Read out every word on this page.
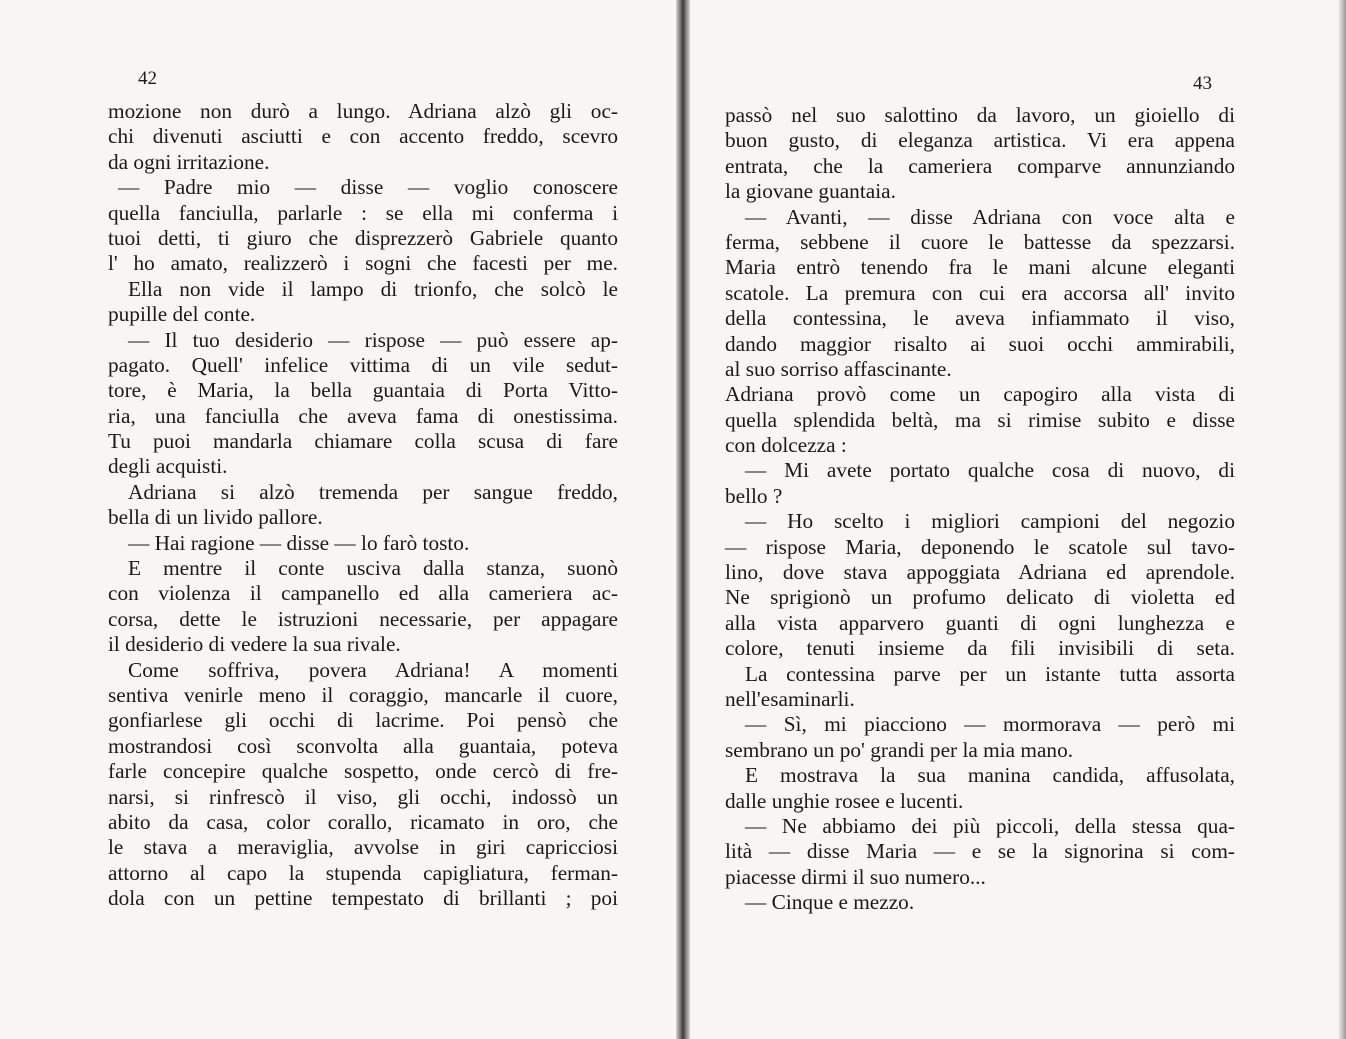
42
mozione non durò a lungo. Adriana alzò gli oc-
chi divenuti asciutti e con accento freddo, scevro
da ogni irritazione.
— Padre mio — disse — voglio conoscere
quella fanciulla, parlarle : se ella mi conferma i
tuoi detti, ti giuro che disprezzerò Gabriele quanto
l' ho amato, realizzerò i sogni che facesti per me.
Ella non vide il lampo di trionfo, che solcò le
pupille del conte.
— Il tuo desiderio — rispose — può essere ap-
pagato. Quell' infelice vittima di un vile sedut-
tore, è Maria, la bella guantaia di Porta Vitto-
ria, una fanciulla che aveva fama di onestissima.
Tu puoi mandarla chiamare colla scusa di fare
degli acquisti.
Adriana si alzò tremenda per sangue freddo,
bella di un livido pallore.
— Hai ragione — disse — lo farò tosto.
E mentre il conte usciva dalla stanza, suonò
con violenza il campanello ed alla cameriera ac-
corsa, dette le istruzioni necessarie, per appagare
il desiderio di vedere la sua rivale.
Come soffriva, povera Adriana! A momenti
sentiva venirle meno il coraggio, mancarle il cuore,
gonfiarlese gli occhi di lacrime. Poi pensò che
mostrandosi così sconvolta alla guantaia, poteva
farle concepire qualche sospetto, onde cercò di fre-
narsi, si rinfrescò il viso, gli occhi, indossò un
abito da casa, color corallo, ricamato in oro, che
le stava a meraviglia, avvolse in giri capricciosi
attorno al capo la stupenda capigliatura, ferman-
dola con un pettine tempestato di brillanti ; poi
43
passò nel suo salottino da lavoro, un gioiello di
buon gusto, di eleganza artistica. Vi era appena
entrata, che la cameriera comparve annunziando
la giovane guantaia.
— Avanti, — disse Adriana con voce alta e
ferma, sebbene il cuore le battesse da spezzarsi.
Maria entrò tenendo fra le mani alcune eleganti
scatole. La premura con cui era accorsa all' invito
della contessina, le aveva infiammato il viso,
dando maggior risalto ai suoi occhi ammirabili,
al suo sorriso affascinante.
Adriana provò come un capogiro alla vista di
quella splendida beltà, ma si rimise subito e disse
con dolcezza :
— Mi avete portato qualche cosa di nuovo, di
bello ?
— Ho scelto i migliori campioni del negozio
— rispose Maria, deponendo le scatole sul tavo-
lino, dove stava appoggiata Adriana ed aprendole.
Ne sprigionò un profumo delicato di violetta ed
alla vista apparvero guanti di ogni lunghezza e
colore, tenuti insieme da fili invisibili di seta.
La contessina parve per un istante tutta assorta
nell'esaminarli.
— Sì, mi piacciono — mormorava — però mi
sembrano un po' grandi per la mia mano.
E mostrava la sua manina candida, affusolata,
dalle unghie rosee e lucenti.
— Ne abbiamo dei più piccoli, della stessa qua-
lità — disse Maria — e se la signorina si com-
piacesse dirmi il suo numero...
— Cinque e mezzo.
